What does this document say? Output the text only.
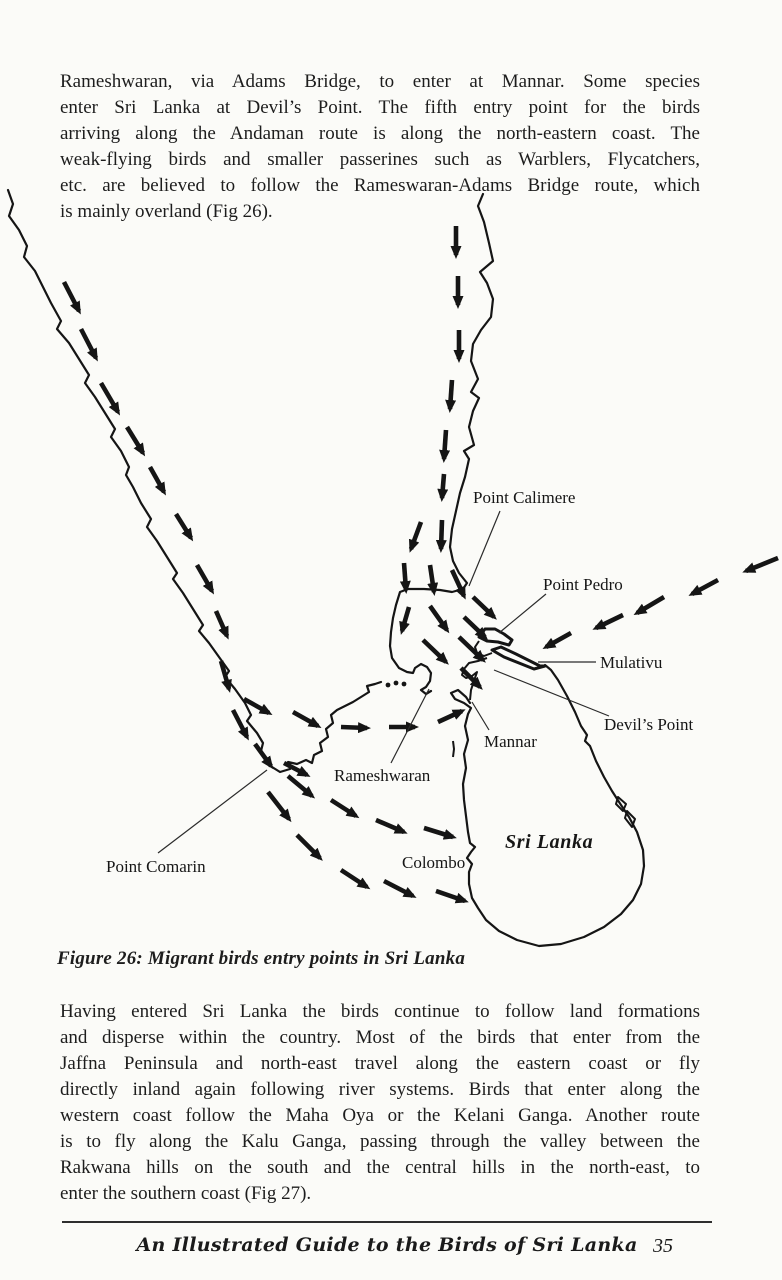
Rameshwaran, via Adams Bridge, to enter at Mannar. Some species
enter Sri Lanka at Devil’s Point. The fifth entry point for the birds
arriving along the Andaman route is along the north-eastern coast. The
weak-flying birds and smaller passerines such as Warblers, Flycatchers,
etc. are believed to follow the Rameswaran-Adams Bridge route, which
is mainly overland (Fig 26).
Point Calimere
Point Pedro
Mulativu
Devil’s Point
Mannar
Rameshwaran
Point Comarin	Colombo
Sri Lanka
Figure 26: Migrant birds entry points in Sri Lanka
Having entered Sri Lanka the birds continue to follow land formations
and disperse within the country. Most of the birds that enter from the
Jaffna Peninsula and north-east travel along the eastern coast or fly
directly inland again following river systems. Birds that enter along the
western coast follow the Maha Oya or the Kelani Ganga. Another route
is to fly along the Kalu Ganga, passing through the valley between the
Rakwana hills on the south and the central hills in the north-east, to
enter the southern coast (Fig 27).
An Illustrated Guide to the Birds of Sri Lanka 35
